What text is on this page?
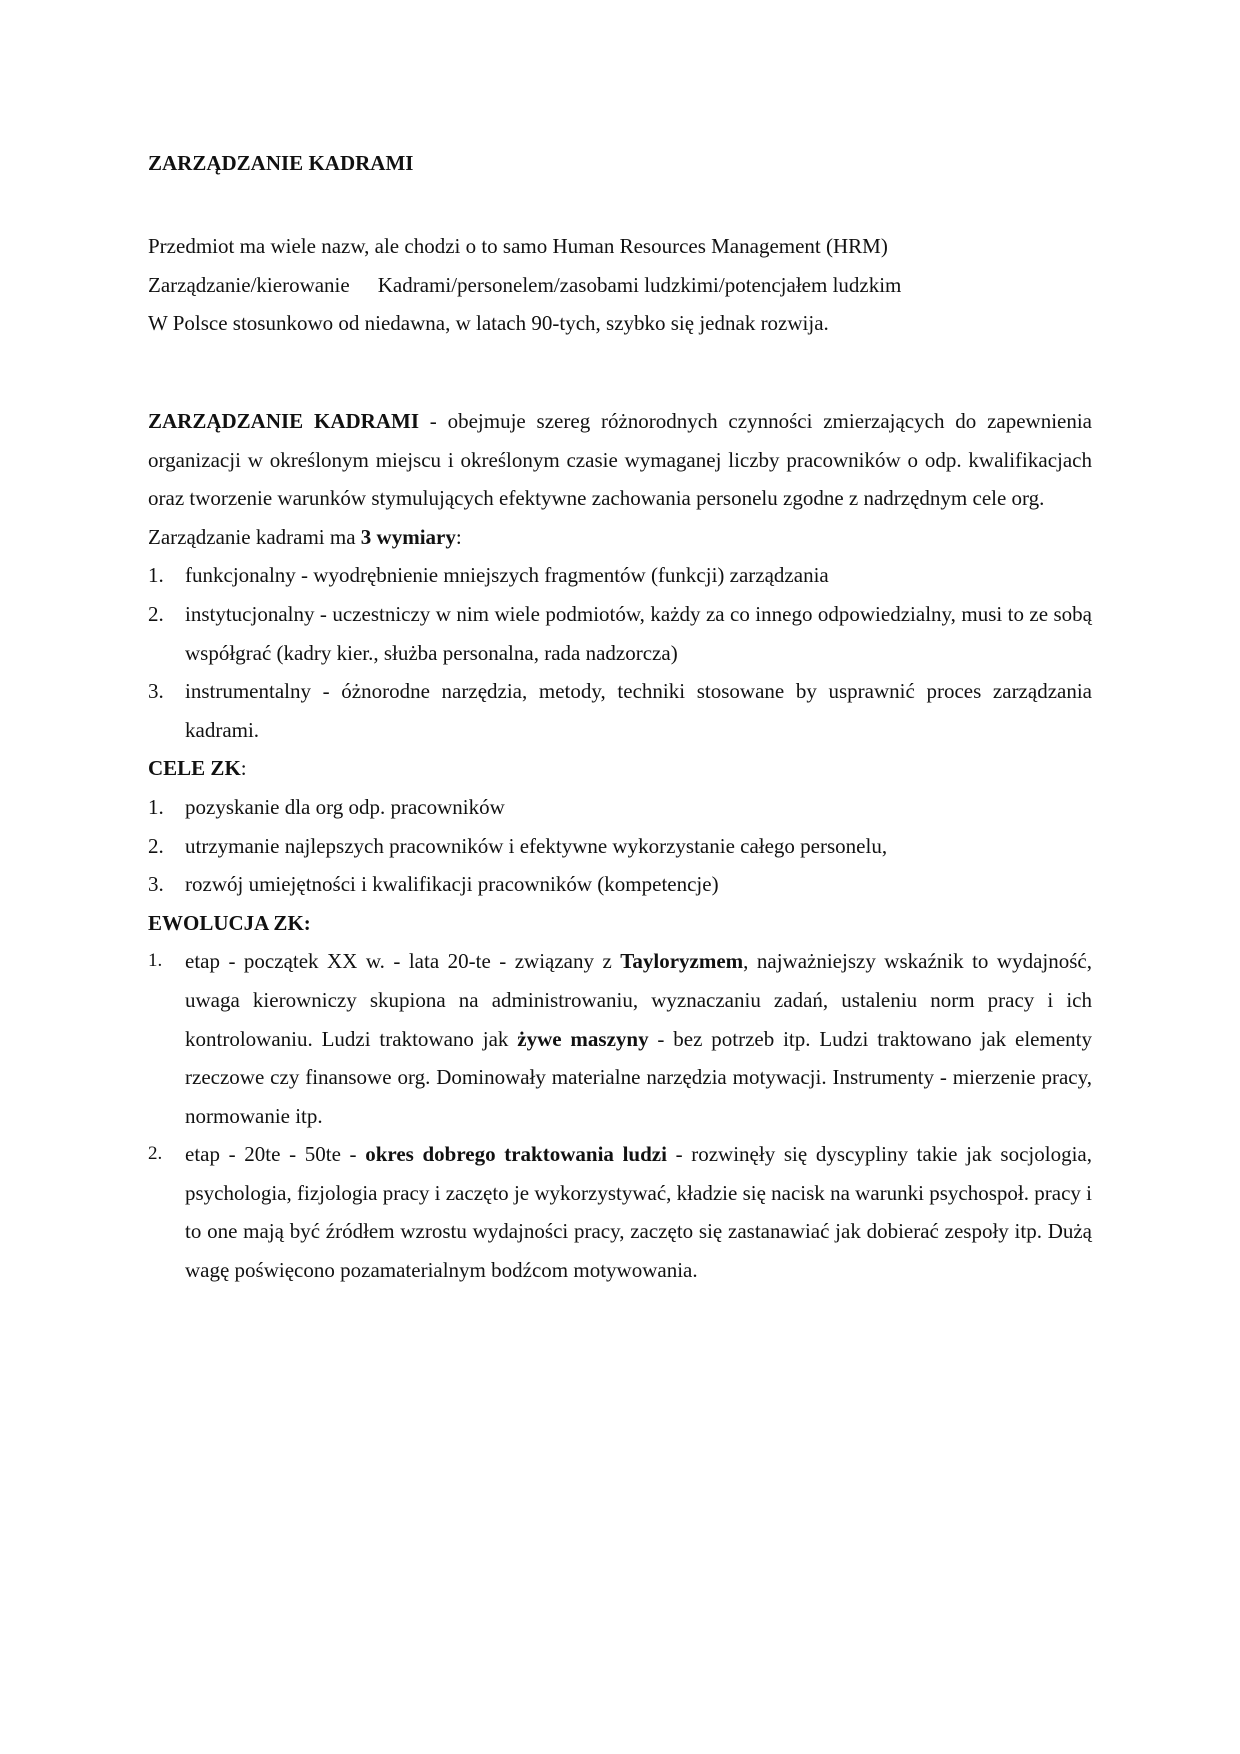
ZARZĄDZANIE KADRAMI
Przedmiot ma wiele nazw, ale chodzi o to samo Human Resources Management (HRM)
Zarządzanie/kierowanie Kadrami/personelem/zasobami ludzkimi/potencjałem ludzkim
W Polsce stosunkowo od niedawna, w latach 90-tych, szybko się jednak rozwija.

ZARZĄDZANIE KADRAMI - obejmuje szereg różnorodnych czynności zmierzających do zapewnienia organizacji w określonym miejscu i określonym czasie wymaganej liczby pracowników o odp. kwalifikacjach oraz tworzenie warunków stymulujących efektywne zachowania personelu zgodne z nadrzędnym cele org.

Zarządzanie kadrami ma 3 wymiary:

1. funkcjonalny - wyodrębnienie mniejszych fragmentów (funkcji) zarządzania
2. instytucjonalny - uczestniczy w nim wiele podmiotów, każdy za co innego odpowiedzialny, musi to ze sobą współgrać (kadry kier., służba personalna, rada nadzorcza)
3. instrumentalny - óżnorodne narzędzia, metody, techniki stosowane by usprawnić proces zarządzania kadrami.

CELE ZK:

1. pozyskanie dla org odp. pracowników
2. utrzymanie najlepszych pracowników i efektywne wykorzystanie całego personelu,
3. rozwój umiejętności i kwalifikacji pracowników (kompetencje)

EWOLUCJA ZK:

1. etap - początek XX w. - lata 20-te - związany z Tayloryzmem, najważniejszy wskaźnik to wydajność, uwaga kierowniczy skupiona na administrowaniu, wyznaczaniu zadań, ustaleniu norm pracy i ich kontrolowaniu. Ludzi traktowano jak żywe maszyny - bez potrzeb itp. Ludzi traktowano jak elementy rzeczowe czy finansowe org. Dominowały materialne narzędzia motywacji. Instrumenty - mierzenie pracy, normowanie itp.
2. etap - 20te - 50te - okres dobrego traktowania ludzi - rozwinęły się dyscypliny takie jak socjologia, psychologia, fizjologia pracy i zaczęto je wykorzystywać, kładzie się nacisk na warunki psychospoł. pracy i to one mają być źródłem wzrostu wydajności pracy, zaczęto się zastanawiać jak dobierać zespoły itp. Dużą wagę poświęcono pozamaterialnym bodźcom motywowania.
